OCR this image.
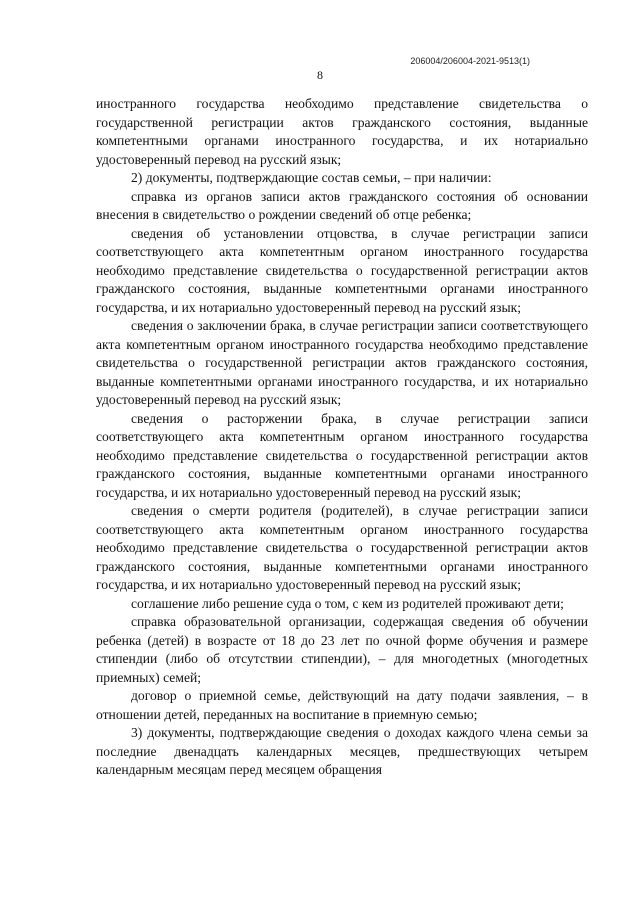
206004/206004-2021-9513(1)
8

иностранного государства необходимо представление свидетельства о государственной регистрации актов гражданского состояния, выданные компетентными органами иностранного государства, и их нотариально удостоверенный перевод на русский язык;

2) документы, подтверждающие состав семьи, – при наличии:

справка из органов записи актов гражданского состояния об основании внесения в свидетельство о рождении сведений об отце ребенка;

сведения об установлении отцовства, в случае регистрации записи соответствующего акта компетентным органом иностранного государства необходимо представление свидетельства о государственной регистрации актов гражданского состояния, выданные компетентными органами иностранного государства, и их нотариально удостоверенный перевод на русский язык;

сведения о заключении брака, в случае регистрации записи соответствующего акта компетентным органом иностранного государства необходимо представление свидетельства о государственной регистрации актов гражданского состояния, выданные компетентными органами иностранного государства, и их нотариально удостоверенный перевод на русский язык;

сведения о расторжении брака, в случае регистрации записи соответствующего акта компетентным органом иностранного государства необходимо представление свидетельства о государственной регистрации актов гражданского состояния, выданные компетентными органами иностранного государства, и их нотариально удостоверенный перевод на русский язык;

сведения о смерти родителя (родителей), в случае регистрации записи соответствующего акта компетентным органом иностранного государства необходимо представление свидетельства о государственной регистрации актов гражданского состояния, выданные компетентными органами иностранного государства, и их нотариально удостоверенный перевод на русский язык;

соглашение либо решение суда о том, с кем из родителей проживают дети;

справка образовательной организации, содержащая сведения об обучении ребенка (детей) в возрасте от 18 до 23 лет по очной форме обучения и размере стипендии (либо об отсутствии стипендии), – для многодетных (многодетных приемных) семей;

договор о приемной семье, действующий на дату подачи заявления, – в отношении детей, переданных на воспитание в приемную семью;

3) документы, подтверждающие сведения о доходах каждого члена семьи за последние двенадцать календарных месяцев, предшествующих четырем календарным месяцам перед месяцем обращения
